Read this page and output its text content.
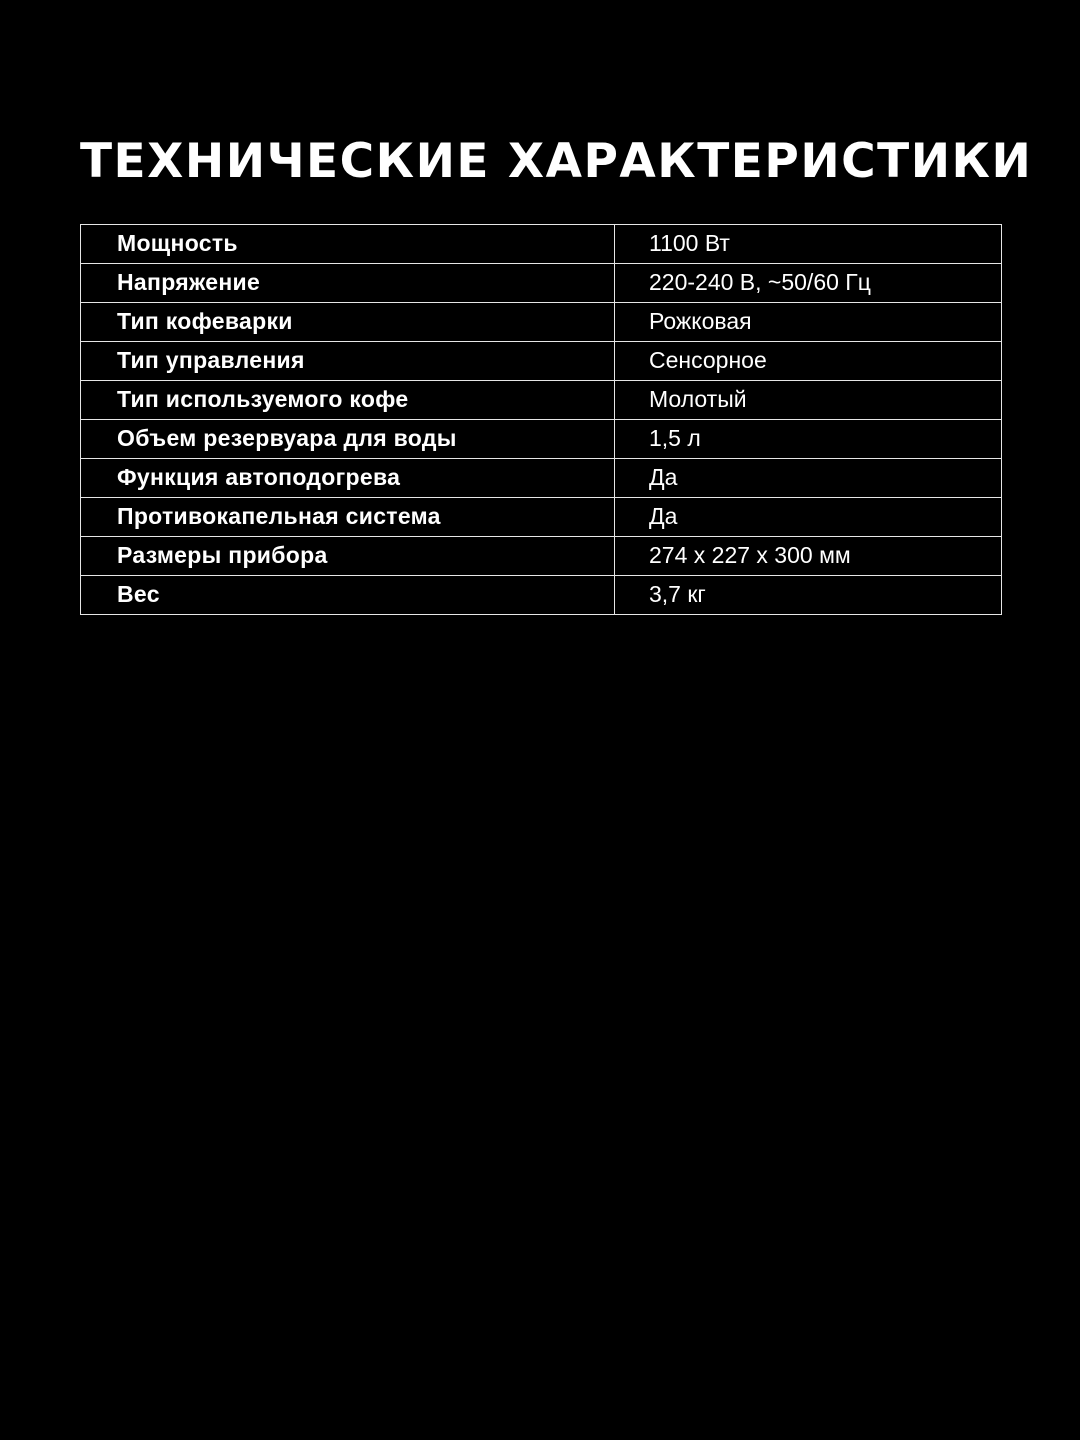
ТЕХНИЧЕСКИЕ ХАРАКТЕРИСТИКИ
Мощность	1100 Вт
Напряжение	220-240 В, ~50/60 Гц
Тип кофеварки	Рожковая
Тип управления	Сенсорное
Тип используемого кофе	Молотый
Объем резервуара для воды	1,5 л
Функция автоподогрева	Да
Противокапельная система	Да
Размеры прибора	274 x 227 x 300 мм
Вес	3,7 кг
